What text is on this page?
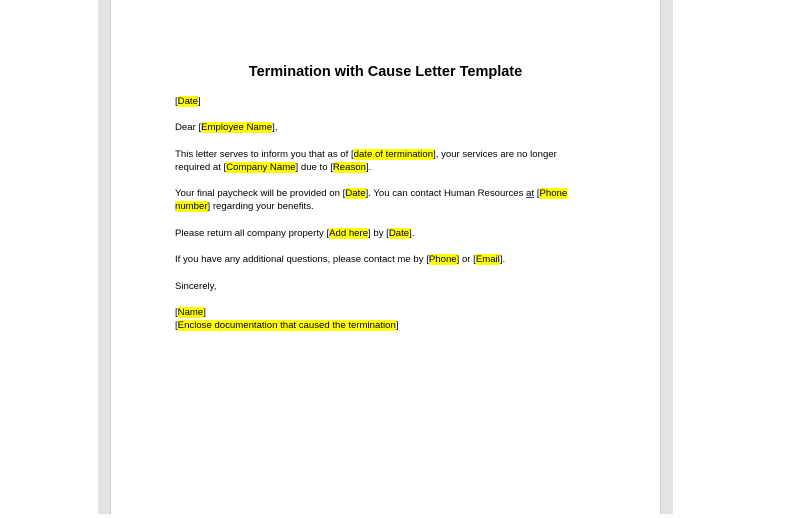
Termination with Cause Letter Template
[Date]
Dear [Employee Name],
This letter serves to inform you that as of [date of termination], your services are no longer
required at [Company Name] due to [Reason].
Your final paycheck will be provided on [Date]. You can contact Human Resources at [Phone
number] regarding your benefits.
Please return all company property [Add here] by [Date].
If you have any additional questions, please contact me by [Phone] or [Email].
Sincerely,
[Name]
[Enclose documentation that caused the termination]
